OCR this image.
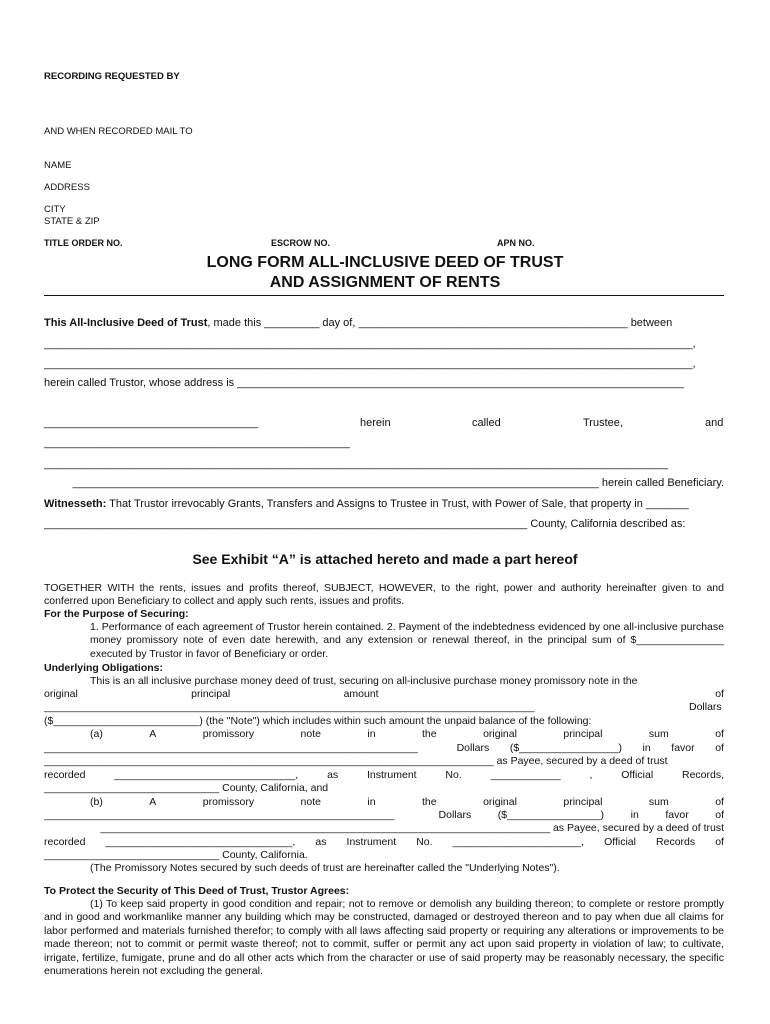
RECORDING REQUESTED BY
AND WHEN RECORDED MAIL TO
NAME
ADDRESS
CITY
STATE & ZIP
TITLE ORDER NO.	ESCROW NO.	APN NO.
LONG FORM ALL-INCLUSIVE DEED OF TRUST
AND ASSIGNMENT OF RENTS
This All-Inclusive Deed of Trust, made this _________ day of, ____________________________________________ between
__________________________________________________________________________________________________________,
__________________________________________________________________________________________________________,
herein called Trustor, whose address is _________________________________________________________________________
___________________________________	herein	called	Trustee,	and
__________________________________________________
______________________________________________________________________________________________________
______________________________________________________________________________________ herein called Beneficiary.
Witnesseth: That Trustor irrevocably Grants, Transfers and Assigns to Trustee in Trust, with Power of Sale, that property in _______
_______________________________________________________________________________ County, California described as:
See Exhibit “A” is attached hereto and made a part hereof
TOGETHER WITH the rents, issues and profits thereof, SUBJECT, HOWEVER, to the right, power and authority hereinafter given to and conferred upon Beneficiary to collect and apply such rents, issues and profits.
For the Purpose of Securing:
1. Performance of each agreement of Trustor herein contained. 2. Payment of the indebtedness evidenced by one all-inclusive purchase money promissory note of even date herewith, and any extension or renewal thereof, in the principal sum of $_______________ executed by Trustor in favor of Beneficiary or order.
Underlying Obligations:
This is an all inclusive purchase money deed of trust, securing on all-inclusive purchase money promissory note in the
original	principal	amount	of
____________________________________________________________________________________	Dollars
($_________________________) (the "Note") which includes within such amount the unpaid balance of the following:
(a)	A	promissory	note	in	the	original	principal	sum	of
________________________________________________________________	Dollars ($_________________) in favor of
_____________________________________________________________________________ as Payee, secured by a deed of trust
recorded	_______________________________,	as	Instrument	No.	____________	,	Official	Records,
______________________________ County, California, and
(b)	A	promissory	note	in	the	original	principal	sum	of
____________________________________________________________	Dollars	($________________)	in	favor	of
_____________________________________________________________________________ as Payee, secured by a deed of trust
recorded ________________________________, as Instrument No. ______________________, Official Records of
______________________________ County, California.
(The Promissory Notes secured by such deeds of trust are hereinafter called the "Underlying Notes").
To Protect the Security of This Deed of Trust, Trustor Agrees:
(1) To keep said property in good condition and repair; not to remove or demolish any building thereon; to complete or restore promptly and in good and workmanlike manner any building which may be constructed, damaged or destroyed thereon and to pay when due all claims for labor performed and materials furnished therefor; to comply with all laws affecting said property or requiring any alterations or improvements to be made thereon; not to commit or permit waste thereof; not to commit, suffer or permit any act upon said property in violation of law; to cultivate, irrigate, fertilize, fumigate, prune and do all other acts which from the character or use of said property may be reasonably necessary, the specific enumerations herein not excluding the general.
